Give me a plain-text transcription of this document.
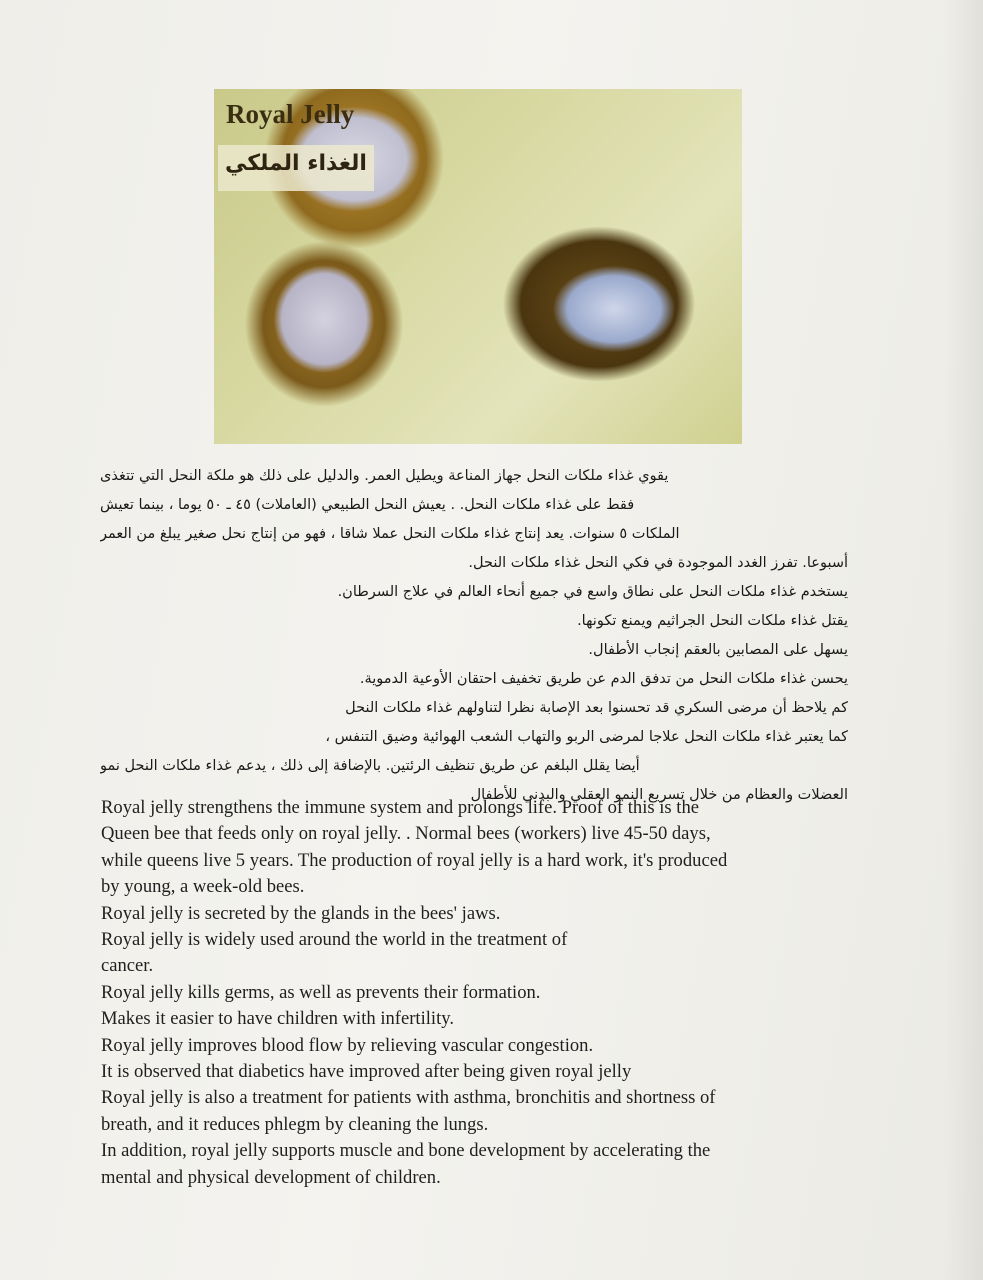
Royal Jelly
الغذاء الملكي

يقوي غذاء ملكات النحل جهاز المناعة ويطيل العمر. والدليل على ذلك هو ملكة النحل التي تتغذى

فقط على غذاء ملكات النحل. . يعيش النحل الطبيعي (العاملات) ٤٥ ـ ٥٠ يوما ، بينما تعيش

الملكات ٥ سنوات. يعد إنتاج غذاء ملكات النحل عملا شاقا ، فهو من إنتاج نحل صغير يبلغ من العمر

أسبوعا. تفرز الغدد الموجودة في فكي النحل غذاء ملكات النحل.

يستخدم غذاء ملكات النحل على نطاق واسع في جميع أنحاء العالم في علاج السرطان.

يقتل غذاء ملكات النحل الجراثيم ويمنع تكونها.

يسهل على المصابين بالعقم إنجاب الأطفال.

يحسن غذاء ملكات النحل من تدفق الدم عن طريق تخفيف احتقان الأوعية الدموية.

كم يلاحظ أن مرضى السكري قد تحسنوا بعد الإصابة نظرا لتناولهم غذاء ملكات النحل

كما يعتبر غذاء ملكات النحل علاجا لمرضى الربو والتهاب الشعب الهوائية وضيق التنفس ،

أيضا يقلل البلغم عن طريق تنظيف الرئتين. بالإضافة إلى ذلك ، يدعم غذاء ملكات النحل نمو

العضلات والعظام من خلال تسريع النمو العقلي والبدني للأطفال

Royal jelly strengthens the immune system and prolongs life. Proof of this is the

Queen bee that feeds only on royal jelly. . Normal bees (workers) live 45-50 days,

while queens live 5 years. The production of royal jelly is a hard work, it's produced

by young, a week-old bees.

Royal jelly is secreted by the glands in the bees' jaws.

Royal jelly is widely used around the world in the treatment of

cancer.

Royal jelly kills germs, as well as prevents their formation.

Makes it easier to have children with infertility.

Royal jelly improves blood flow by relieving vascular congestion.

It is observed that diabetics have improved after being given royal jelly

Royal jelly is also a treatment for patients with asthma, bronchitis and shortness of

breath, and it reduces phlegm by cleaning the lungs.

In addition, royal jelly supports muscle and bone development by accelerating the

mental and physical development of children.
